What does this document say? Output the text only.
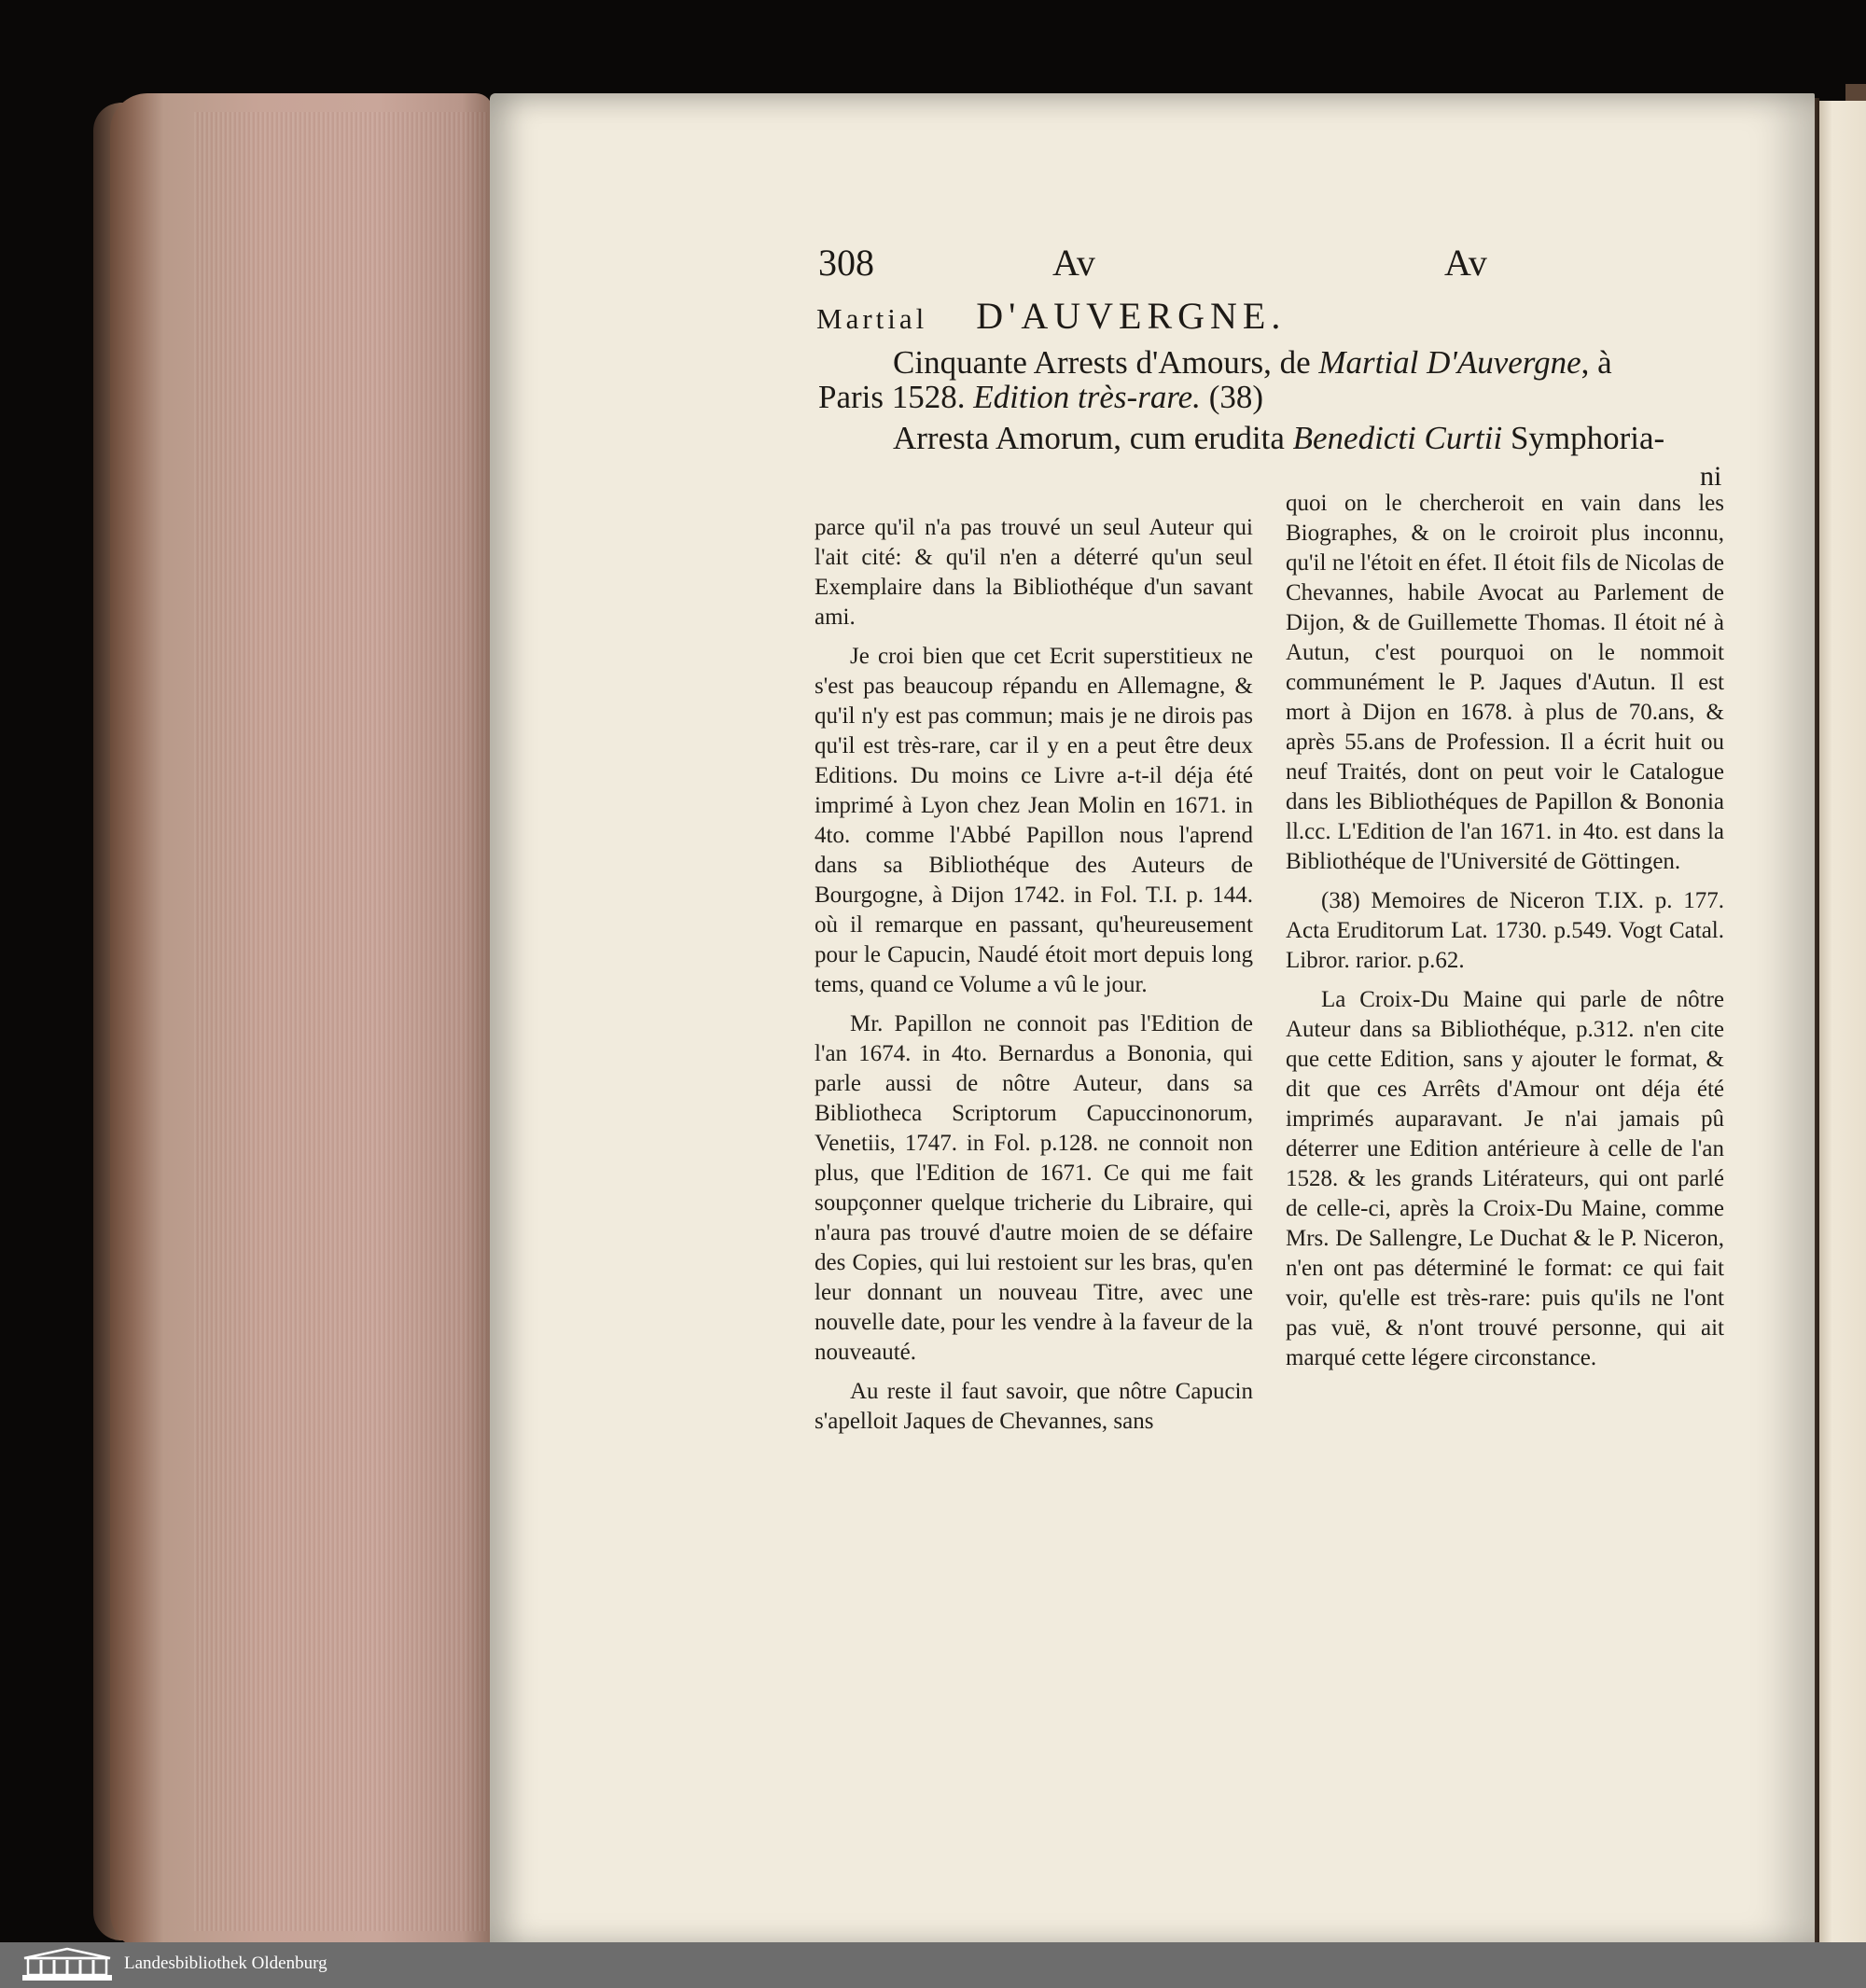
308	Av	Av
Martial D'AUVERGNE.
Cinquante Arrests d'Amours, de Martial D'Auvergne, à
Paris 1528. Edition très-rare. (38)
Arresta Amorum, cum erudita Benedicti Curtii Symphoria-
ni

parce qu'il n'a pas trouvé un seul Auteur qui l'ait cité: & qu'il n'en a déterré qu'un seul Exemplaire dans la Bibliothéque d'un savant ami.

Je croi bien que cet Ecrit superstitieux ne s'est pas beaucoup répandu en Allemagne, & qu'il n'y est pas commun; mais je ne dirois pas qu'il est très-rare, car il y en a peut être deux Editions. Du moins ce Livre a-t-il déja été imprimé à Lyon chez Jean Molin en 1671. in 4to. comme l'Abbé Papillon nous l'aprend dans sa Bibliothéque des Auteurs de Bourgogne, à Dijon 1742. in Fol. T.I. p. 144. où il remarque en passant, qu'heureusement pour le Capucin, Naudé étoit mort depuis long tems, quand ce Volume a vû le jour.

Mr. Papillon ne connoit pas l'Edition de l'an 1674. in 4to. Bernardus a Bononia, qui parle aussi de nôtre Auteur, dans sa Bibliotheca Scriptorum Capuccinonorum, Venetiis, 1747. in Fol. p.128. ne connoit non plus, que l'Edition de 1671. Ce qui me fait soupçonner quelque tricherie du Libraire, qui n'aura pas trouvé d'autre moien de se défaire des Copies, qui lui restoient sur les bras, qu'en leur donnant un nouveau Titre, avec une nouvelle date, pour les vendre à la faveur de la nouveauté.

Au reste il faut savoir, que nôtre Capucin s'apelloit Jaques de Chevannes, sans

quoi on le chercheroit en vain dans les Biographes, & on le croiroit plus inconnu, qu'il ne l'étoit en éfet. Il étoit fils de Nicolas de Chevannes, habile Avocat au Parlement de Dijon, & de Guillemette Thomas. Il étoit né à Autun, c'est pourquoi on le nommoit communément le P. Jaques d'Autun. Il est mort à Dijon en 1678. à plus de 70.ans, & après 55.ans de Profession. Il a écrit huit ou neuf Traités, dont on peut voir le Catalogue dans les Bibliothéques de Papillon & Bononia ll.cc. L'Edition de l'an 1671. in 4to. est dans la Bibliothéque de l'Université de Göttingen.

(38) Memoires de Niceron T.IX. p. 177. Acta Eruditorum Lat. 1730. p.549. Vogt Catal. Libror. rarior. p.62.

La Croix-Du Maine qui parle de nôtre Auteur dans sa Bibliothéque, p.312. n'en cite que cette Edition, sans y ajouter le format, & dit que ces Arrêts d'Amour ont déja été imprimés auparavant. Je n'ai jamais pû déterrer une Edition antérieure à celle de l'an 1528. & les grands Litérateurs, qui ont parlé de celle-ci, après la Croix-Du Maine, comme Mrs. De Sallengre, Le Duchat & le P. Niceron, n'en ont pas déterminé le format: ce qui fait voir, qu'elle est très-rare: puis qu'ils ne l'ont pas vuë, & n'ont trouvé personne, qui ait marqué cette légere circonstance.

Landesbibliothek Oldenburg
